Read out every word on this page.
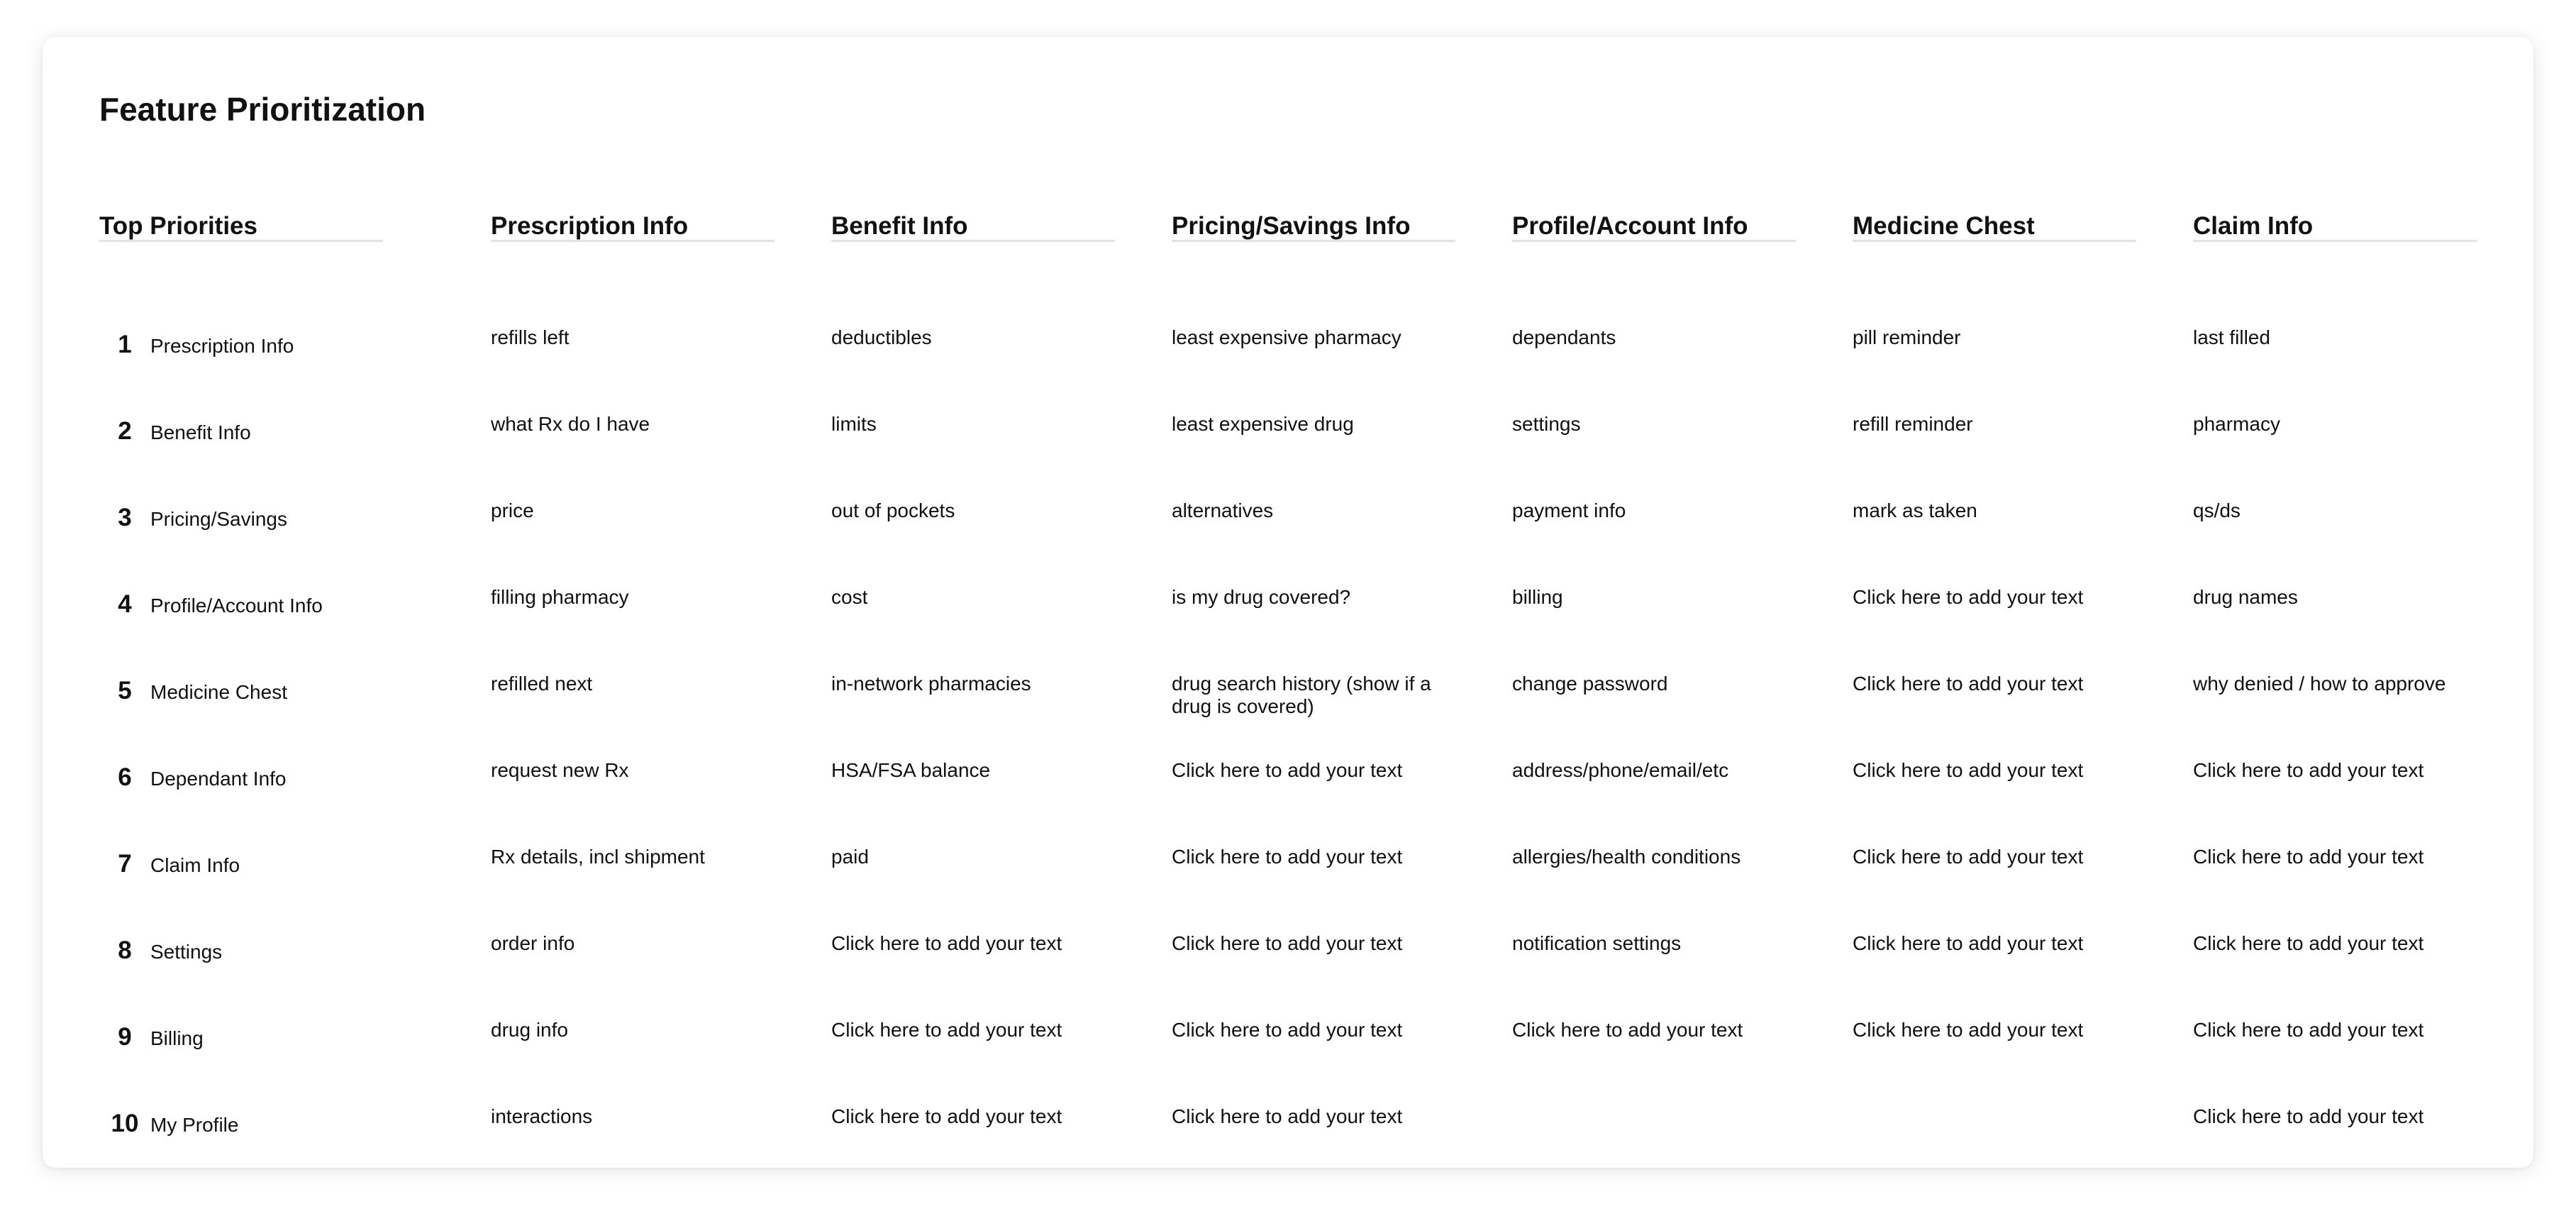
Feature Prioritization
Top Priorities
1 Prescription Info
2 Benefit Info
3 Pricing/Savings
4 Profile/Account Info
5 Medicine Chest
6 Dependant Info
7 Claim Info
8 Settings
9 Billing
10 My Profile
Prescription Info
refills left
what Rx do I have
price
filling pharmacy
refilled next
request new Rx
Rx details, incl shipment
order info
drug info
interactions
Benefit Info
deductibles
limits
out of pockets
cost
in-network pharmacies
HSA/FSA balance
paid
Click here to add your text
Click here to add your text
Click here to add your text
Pricing/Savings Info
least expensive pharmacy
least expensive drug
alternatives
is my drug covered?
drug search history (show if a drug is covered)
Click here to add your text
Click here to add your text
Click here to add your text
Click here to add your text
Click here to add your text
Profile/Account Info
dependants
settings
payment info
billing
change password
address/phone/email/etc
allergies/health conditions
notification settings
Click here to add your text
Medicine Chest
pill reminder
refill reminder
mark as taken
Click here to add your text
Click here to add your text
Click here to add your text
Click here to add your text
Click here to add your text
Click here to add your text
Claim Info
last filled
pharmacy
qs/ds
drug names
why denied / how to approve
Click here to add your text
Click here to add your text
Click here to add your text
Click here to add your text
Click here to add your text
